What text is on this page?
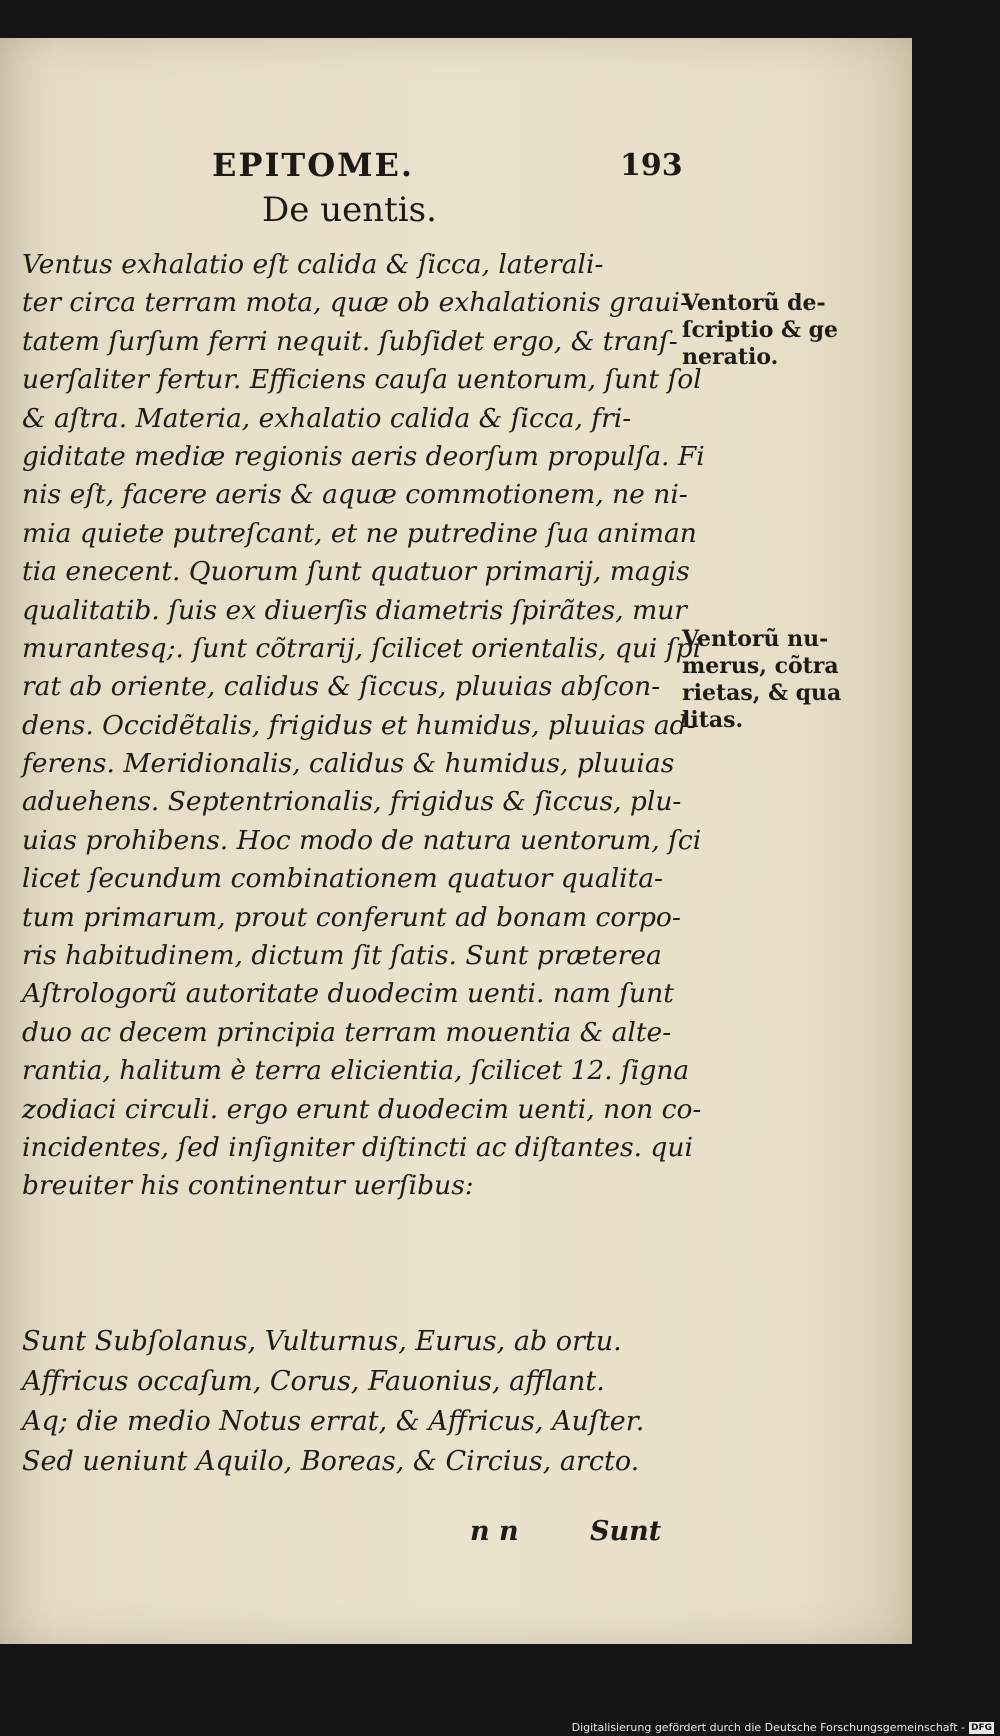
EPITOME.	193
De uentis.
Ventus exhalatio eſt calida & ſicca, laterali-
ter circa terram mota, quæ ob exhalationis graui-
tatem ſurſum ferri nequit. ſubſidet ergo, & tranſ-
uerſaliter fertur. Efficiens cauſa uentorum, ſunt ſol
& aſtra. Materia, exhalatio calida & ſicca, fri-
giditate mediæ regionis aeris deorſum propulſa. Fi
nis eſt, facere aeris & aquæ commotionem, ne ni-
mia quiete putreſcant, et ne putredine ſua animan
tia enecent. Quorum ſunt quatuor primarij, magis
qualitatib. ſuis ex diuerſis diametris ſpirãtes, mur
murantesq;. ſunt cõtrarij, ſcilicet orientalis, qui ſpi
rat ab oriente, calidus & ſiccus, pluuias abſcon-
dens. Occidẽtalis, frigidus et humidus, pluuias ad-
ferens. Meridionalis, calidus & humidus, pluuias
aduehens. Septentrionalis, frigidus & ſiccus, plu-
uias prohibens. Hoc modo de natura uentorum, ſci
licet ſecundum combinationem quatuor qualita-
tum primarum, prout conferunt ad bonam corpo-
ris habitudinem, dictum ſit ſatis. Sunt præterea
Aſtrologorũ autoritate duodecim uenti. nam ſunt
duo ac decem principia terram mouentia & alte-
rantia, halitum è terra elicientia, ſcilicet 12. ſigna
zodiaci circuli. ergo erunt duodecim uenti, non co-
incidentes, ſed inſigniter diſtincti ac diſtantes. qui
breuiter his continentur uerſibus:
Sunt Subſolanus, Vulturnus, Eurus, ab ortu.
Affricus occaſum, Corus, Fauonius, afflant.
Aq; die medio Notus errat, & Affricus, Auſter.
Sed ueniunt Aquilo, Boreas, & Circius, arcto.
Ventorũ de-
ſcriptio & ge
neratio.
Ventorũ nu-
merus, cõtra
rietas, & qua
litas.
n n	Sunt
Digitalisierung gefördert durch die Deutsche Forschungsgemeinschaft - DFG
